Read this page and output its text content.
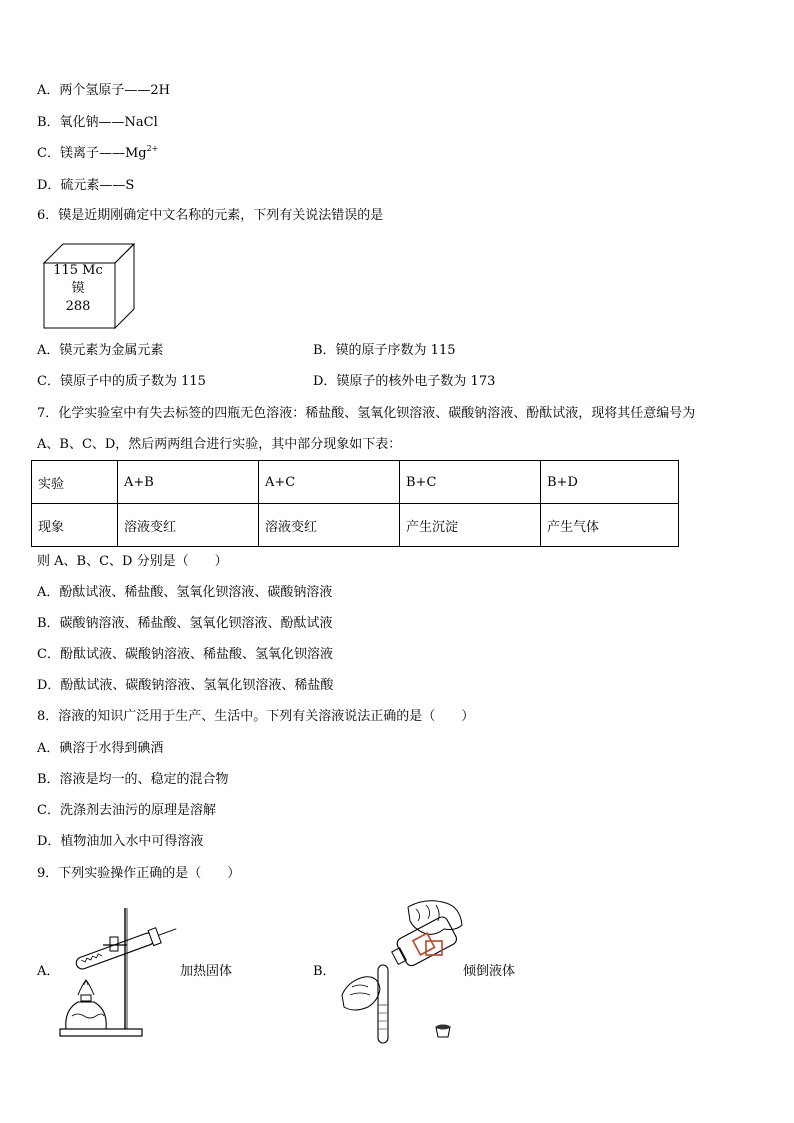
A．两个氢原子——2H
B．氧化钠——NaCl
C．镁离子$——Mg^{2+}$
D．硫元素——S
6．镆是近期刚确定中文名称的元素，下列有关说法错误的是
115 Mc
镆
288
A．镆元素为金属元素	B．镆的原子序数为 115
C．镆原子中的质子数为 115	D．镆原子的核外电子数为 173
7．化学实验室中有失去标签的四瓶无色溶液：稀盐酸、氢氧化钡溶液、碳酸钠溶液、酚酞试液，现将其任意编号为
A、B、C、D，然后两两组合进行实验，其中部分现象如下表：
实验	A+B	A+C	B+C	B+D
现象	溶液变红	溶液变红	产生沉淀	产生气体
则 A、B、C、D 分别是（　　）
A．酚酞试液、稀盐酸、氢氧化钡溶液、碳酸钠溶液
B．碳酸钠溶液、稀盐酸、氢氧化钡溶液、酚酞试液
C．酚酞试液、碳酸钠溶液、稀盐酸、氢氧化钡溶液
D．酚酞试液、碳酸钠溶液、氢氧化钡溶液、稀盐酸
8．溶液的知识广泛用于生产、生活中。下列有关溶液说法正确的是（　　）
A．碘溶于水得到碘酒
B．溶液是均一的、稳定的混合物
C．洗涤剂去油污的原理是溶解
D．植物油加入水中可得溶液
9．下列实验操作正确的是（　　）
A．	加热固体	B．	倾倒液体
